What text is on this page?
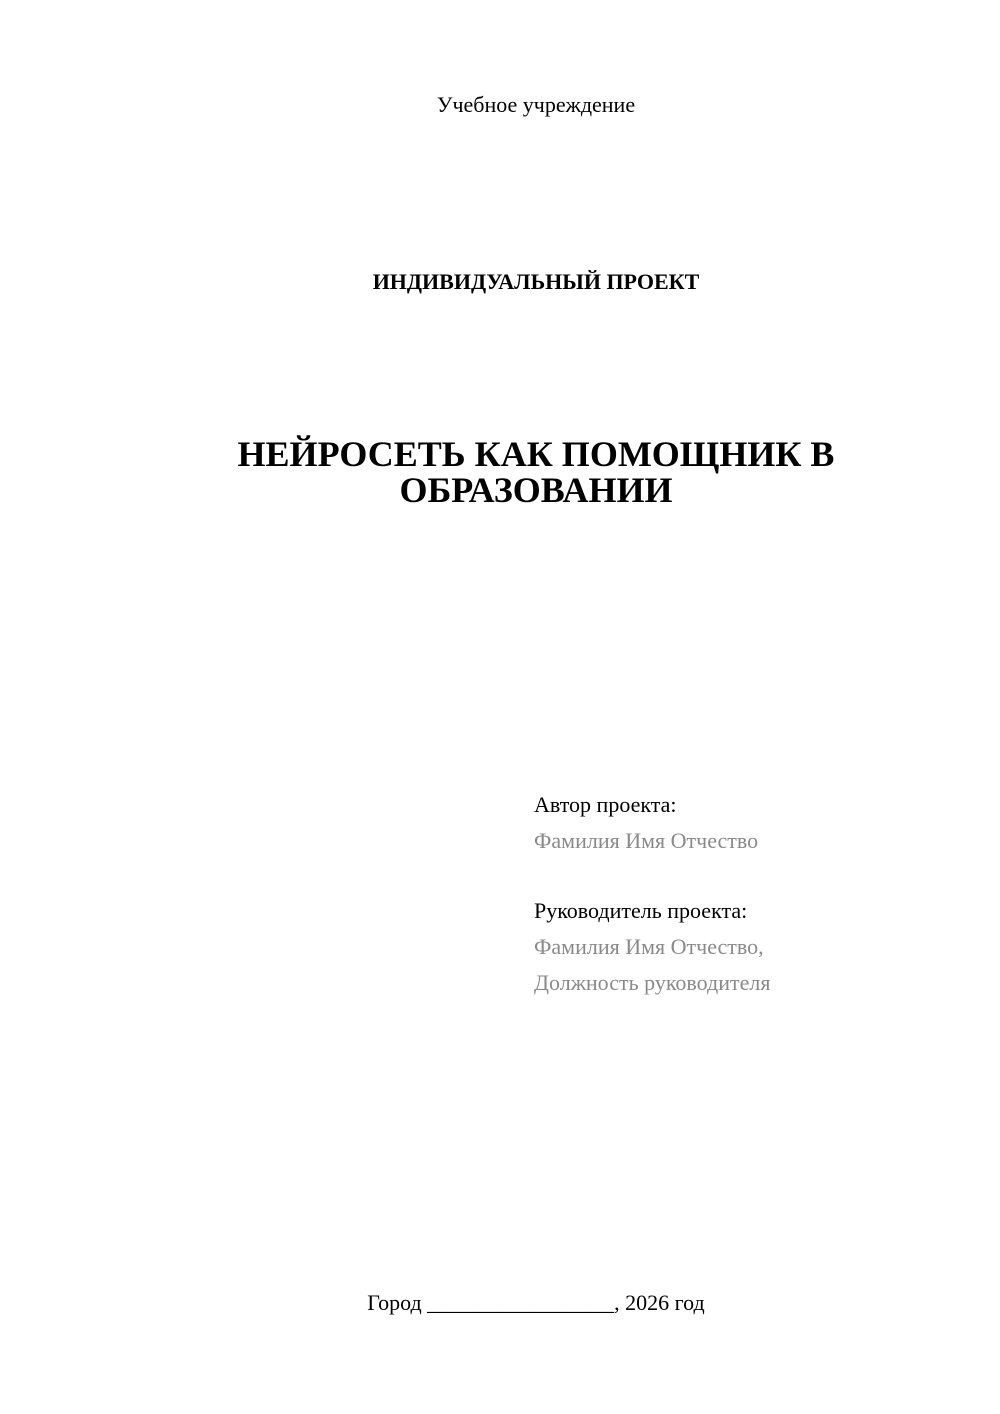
Учебное учреждение
ИНДИВИДУАЛЬНЫЙ ПРОЕКТ
НЕЙРОСЕТЬ КАК ПОМОЩНИК В
ОБРАЗОВАНИИ
Автор проекта:
Фамилия Имя Отчество
Руководитель проекта:
Фамилия Имя Отчество,
Должность руководителя
Город _________________, 2026 год
